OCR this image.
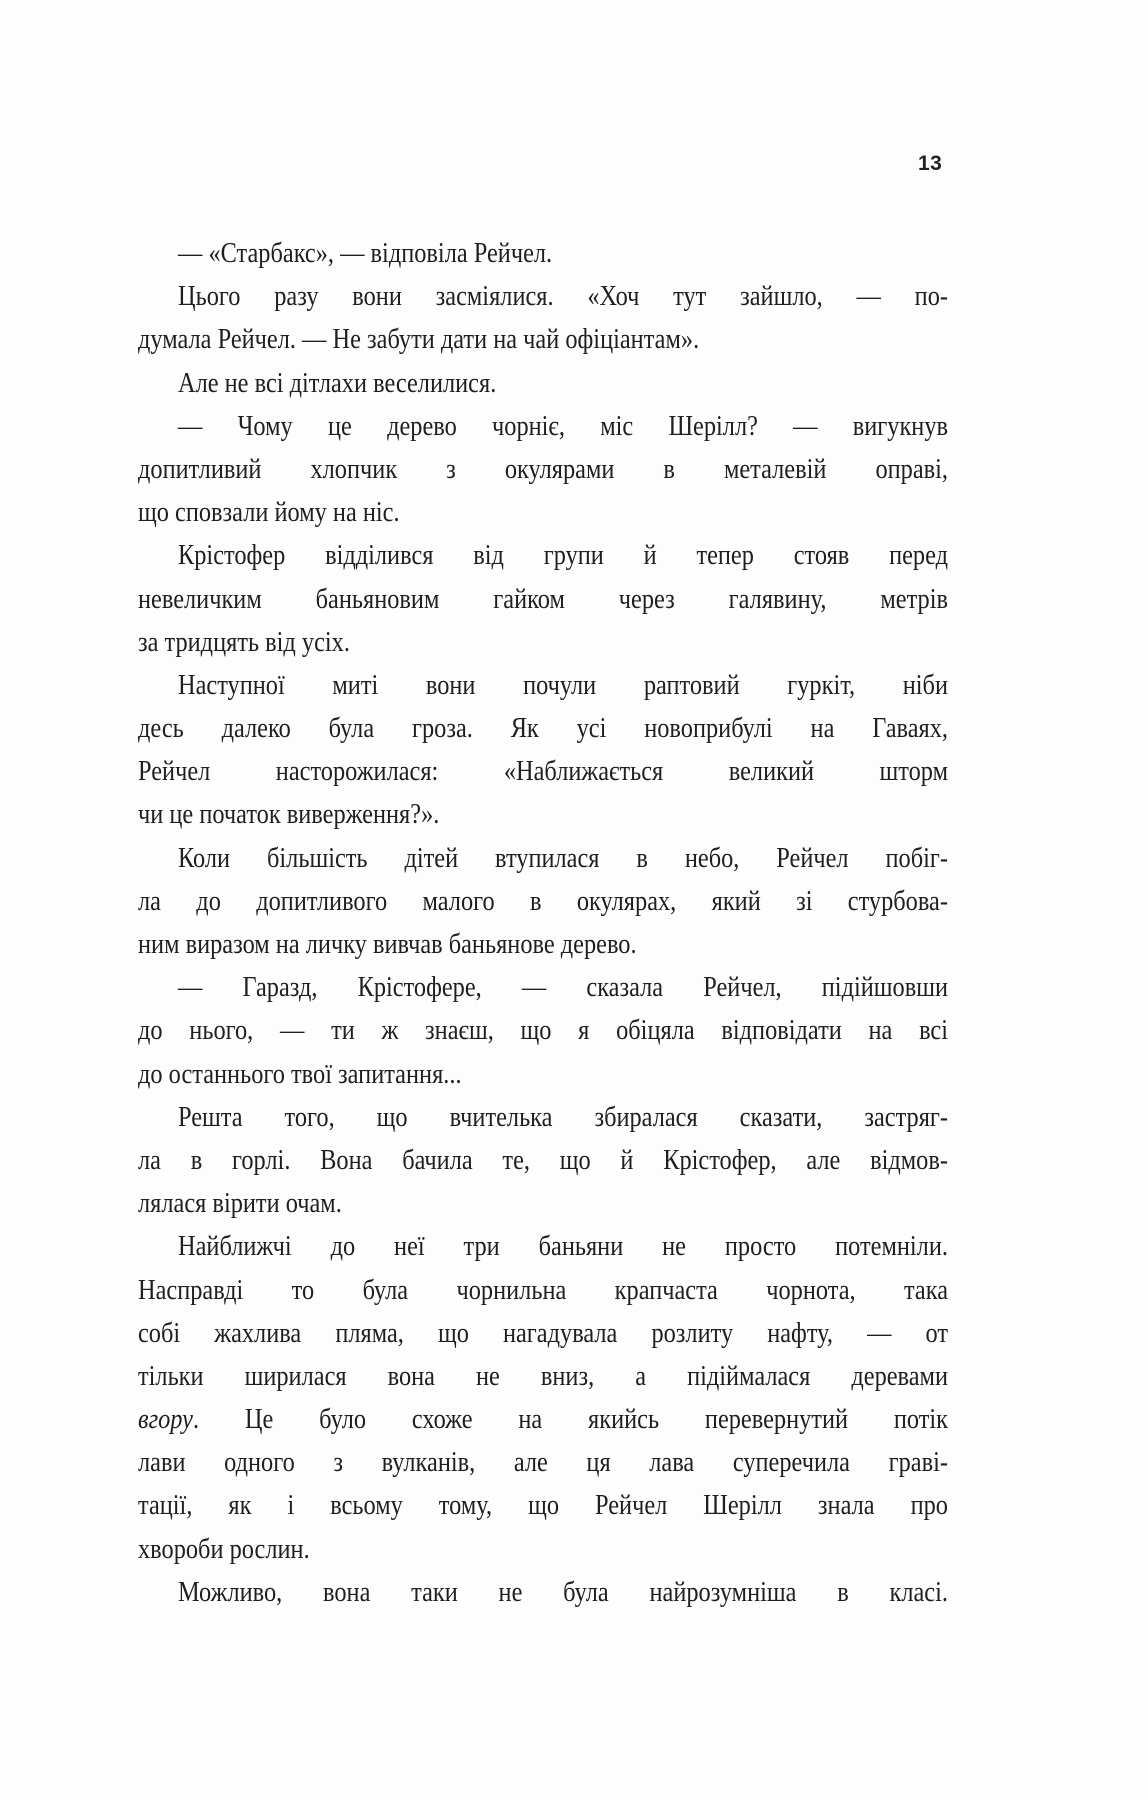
13
— «Старбакс», — відповіла Рейчел.
Цього разу вони засміялися. «Хоч тут зайшло, — по-
думала Рейчел. — Не забути дати на чай офіціантам».
Але не всі дітлахи веселилися.
— Чому це дерево чорніє, міс Шерілл? — вигукнув
допитливий хлопчик з окулярами в металевій оправі,
що сповзали йому на ніс.
Крістофер відділився від групи й тепер стояв перед
невеличким баньяновим гайком через галявину, метрів
за тридцять від усіх.
Наступної миті вони почули раптовий гуркіт, ніби
десь далеко була гроза. Як усі новоприбулі на Гаваях,
Рейчел насторожилася: «Наближається великий шторм
чи це початок виверження?».
Коли більшість дітей втупилася в небо, Рейчел побіг-
ла до допитливого малого в окулярах, який зі стурбова-
ним виразом на личку вивчав баньянове дерево.
— Гаразд, Крістофере, — сказала Рейчел, підійшовши
до нього, — ти ж знаєш, що я обіцяла відповідати на всі
до останнього твої запитання...
Решта того, що вчителька збиралася сказати, застряг-
ла в горлі. Вона бачила те, що й Крістофер, але відмов-
лялася вірити очам.
Найближчі до неї три баньяни не просто потемніли.
Насправді то була чорнильна крапчаста чорнота, така
собі жахлива пляма, що нагадувала розлиту нафту, — от
тільки ширилася вона не вниз, а підіймалася деревами
вгору. Це було схоже на якийсь перевернутий потік
лави одного з вулканів, але ця лава суперечила граві-
тації, як і всьому тому, що Рейчел Шерілл знала про
хвороби рослин.
Можливо, вона таки не була найрозумніша в класі.
